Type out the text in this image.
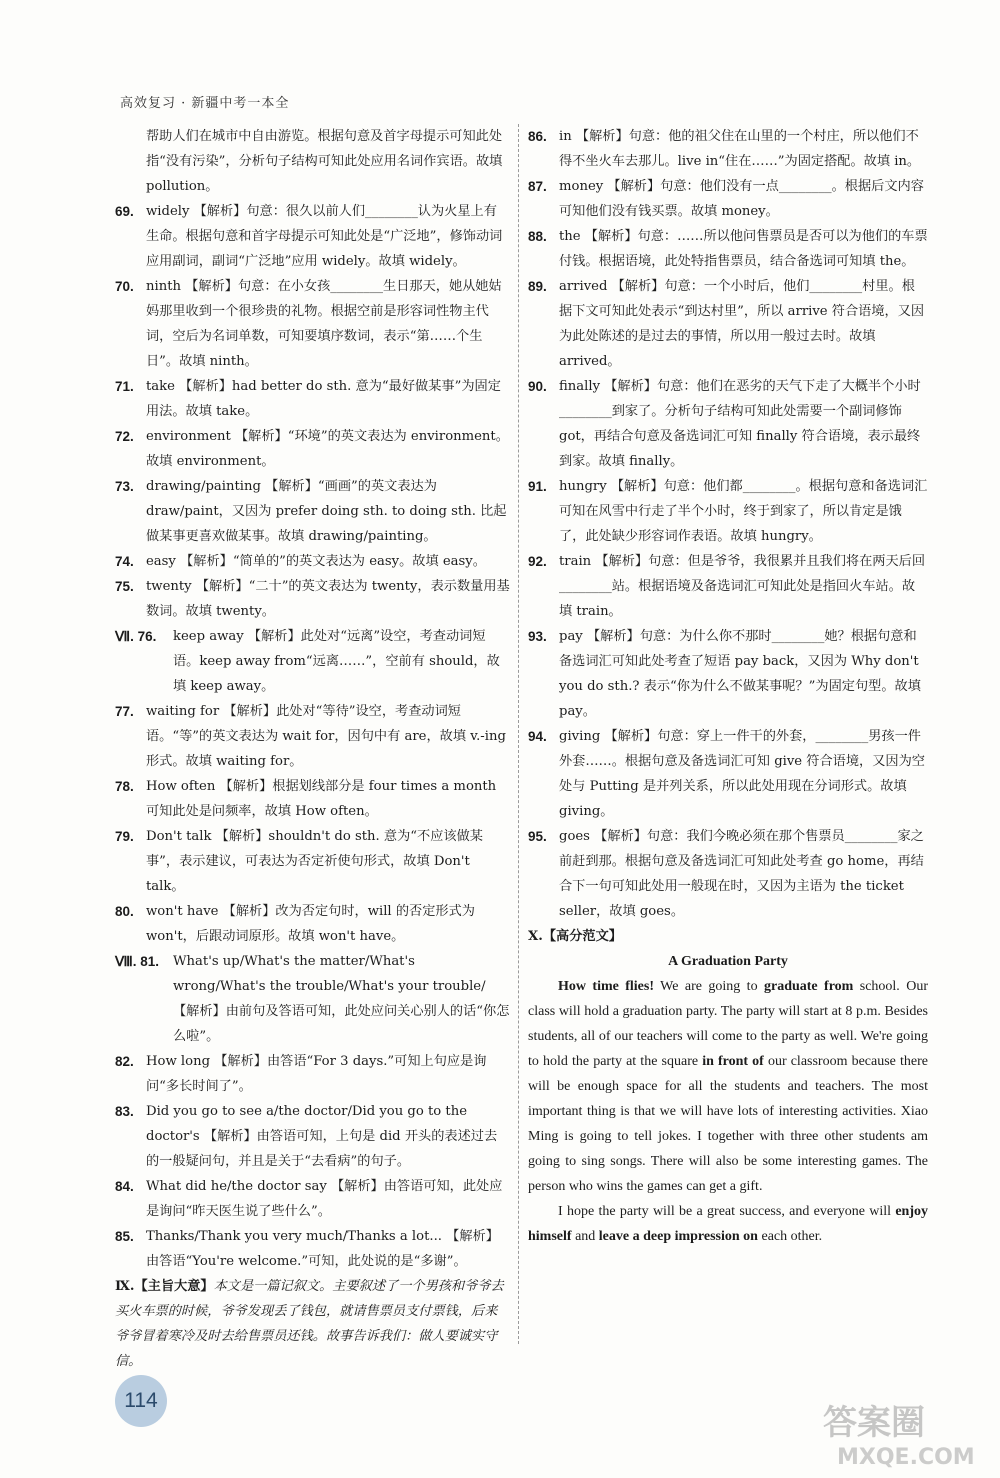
高效复习 · 新疆中考一本全

帮助人们在城市中自由游览。根据句意及首字母提示可知此处指“没有污染”，分析句子结构可知此处应用名词作宾语。故填 pollution。

69. widely 【解析】句意：很久以前人们________认为火星上有生命。根据句意和首字母提示可知此处是“广泛地”，修饰动词应用副词，副词“广泛地”应用 widely。故填 widely。

70. ninth 【解析】句意：在小女孩________生日那天，她从她姑妈那里收到一个很珍贵的礼物。根据空前是形容词性物主代词，空后为名词单数，可知要填序数词，表示“第……个生日”。故填 ninth。

71. take 【解析】had better do sth. 意为“最好做某事”为固定用法。故填 take。

72. environment 【解析】“环境”的英文表达为 environment。故填 environment。

73. drawing/painting 【解析】“画画”的英文表达为 draw/paint，又因为 prefer doing sth. to doing sth. 比起做某事更喜欢做某事。故填 drawing/painting。

74. easy 【解析】“简单的”的英文表达为 easy。故填 easy。

75. twenty 【解析】“二十”的英文表达为 twenty，表示数量用基数词。故填 twenty。

Ⅶ. 76. keep away 【解析】此处对“远离”设空，考查动词短语。keep away from“远离……”，空前有 should，故填 keep away。

77. waiting for 【解析】此处对“等待”设空，考查动词短语。“等”的英文表达为 wait for，因句中有 are，故填 v.-ing 形式。故填 waiting for。

78. How often 【解析】根据划线部分是 four times a month 可知此处是问频率，故填 How often。

79. Don't talk 【解析】shouldn't do sth. 意为“不应该做某事”，表示建议，可表达为否定祈使句形式，故填 Don't talk。

80. won't have 【解析】改为否定句时，will 的否定形式为 won't，后跟动词原形。故填 won't have。

Ⅷ. 81. What's up/What's the matter/What's wrong/What's the trouble/What's your trouble/ 【解析】由前句及答语可知，此处应问关心别人的话“你怎么啦”。

82. How long 【解析】由答语“For 3 days.”可知上句应是询问“多长时间了”。

83. Did you go to see a/the doctor/Did you go to the doctor's 【解析】由答语可知，上句是 did 开头的表述过去的一般疑问句，并且是关于“去看病”的句子。

84. What did he/the doctor say 【解析】由答语可知，此处应是询问“昨天医生说了些什么”。

85. Thanks/Thank you very much/Thanks a lot... 【解析】由答语“You're welcome.”可知，此处说的是“多谢”。

Ⅸ.【主旨大意】本文是一篇记叙文。主要叙述了一个男孩和爷爷去买火车票的时候，爷爷发现丢了钱包，就请售票员支付票钱，后来爷爷冒着寒冷及时去给售票员还钱。故事告诉我们：做人要诚实守信。

86. in 【解析】句意：他的祖父住在山里的一个村庄，所以他们不得不坐火车去那儿。live in“住在……”为固定搭配。故填 in。

87. money 【解析】句意：他们没有一点________。根据后文内容可知他们没有钱买票。故填 money。

88. the 【解析】句意：……所以他问售票员是否可以为他们的车票付钱。根据语境，此处特指售票员，结合备选词可知填 the。

89. arrived 【解析】句意：一个小时后，他们________村里。根据下文可知此处表示“到达村里”，所以 arrive 符合语境，又因为此处陈述的是过去的事情，所以用一般过去时。故填 arrived。

90. finally 【解析】句意：他们在恶劣的天气下走了大概半个小时________到家了。分析句子结构可知此处需要一个副词修饰 got，再结合句意及备选词汇可知 finally 符合语境，表示最终到家。故填 finally。

91. hungry 【解析】句意：他们都________。根据句意和备选词汇可知在风雪中行走了半个小时，终于到家了，所以肯定是饿了，此处缺少形容词作表语。故填 hungry。

92. train 【解析】句意：但是爷爷，我很累并且我们将在两天后回________站。根据语境及备选词汇可知此处是指回火车站。故填 train。

93. pay 【解析】句意：为什么你不那时________她？根据句意和备选词汇可知此处考查了短语 pay back，又因为 Why don't you do sth.? 表示“你为什么不做某事呢？”为固定句型。故填 pay。

94. giving 【解析】句意：穿上一件干的外套，________男孩一件外套……。根据句意及备选词汇可知 give 符合语境，又因为空处与 Putting 是并列关系，所以此处用现在分词形式。故填 giving。

95. goes 【解析】句意：我们今晚必须在那个售票员________家之前赶到那。根据句意及备选词汇可知此处考查 go home，再结合下一句可知此处用一般现在时，又因为主语为 the ticket seller，故填 goes。

Ⅹ.【高分范文】

A Graduation Party

How time flies! We are going to graduate from school. Our class will hold a graduation party. The party will start at 8 p.m. Besides students, all of our teachers will come to the party as well. We're going to hold the party at the square in front of our classroom because there will be enough space for all the students and teachers. The most important thing is that we will have lots of interesting activities. Xiao Ming is going to tell jokes. I together with three other students am going to sing songs. There will also be some interesting games. The person who wins the games can get a gift.

I hope the party will be a great success, and everyone will enjoy himself and leave a deep impression on each other.

114
答案圈
MXQE.COM
